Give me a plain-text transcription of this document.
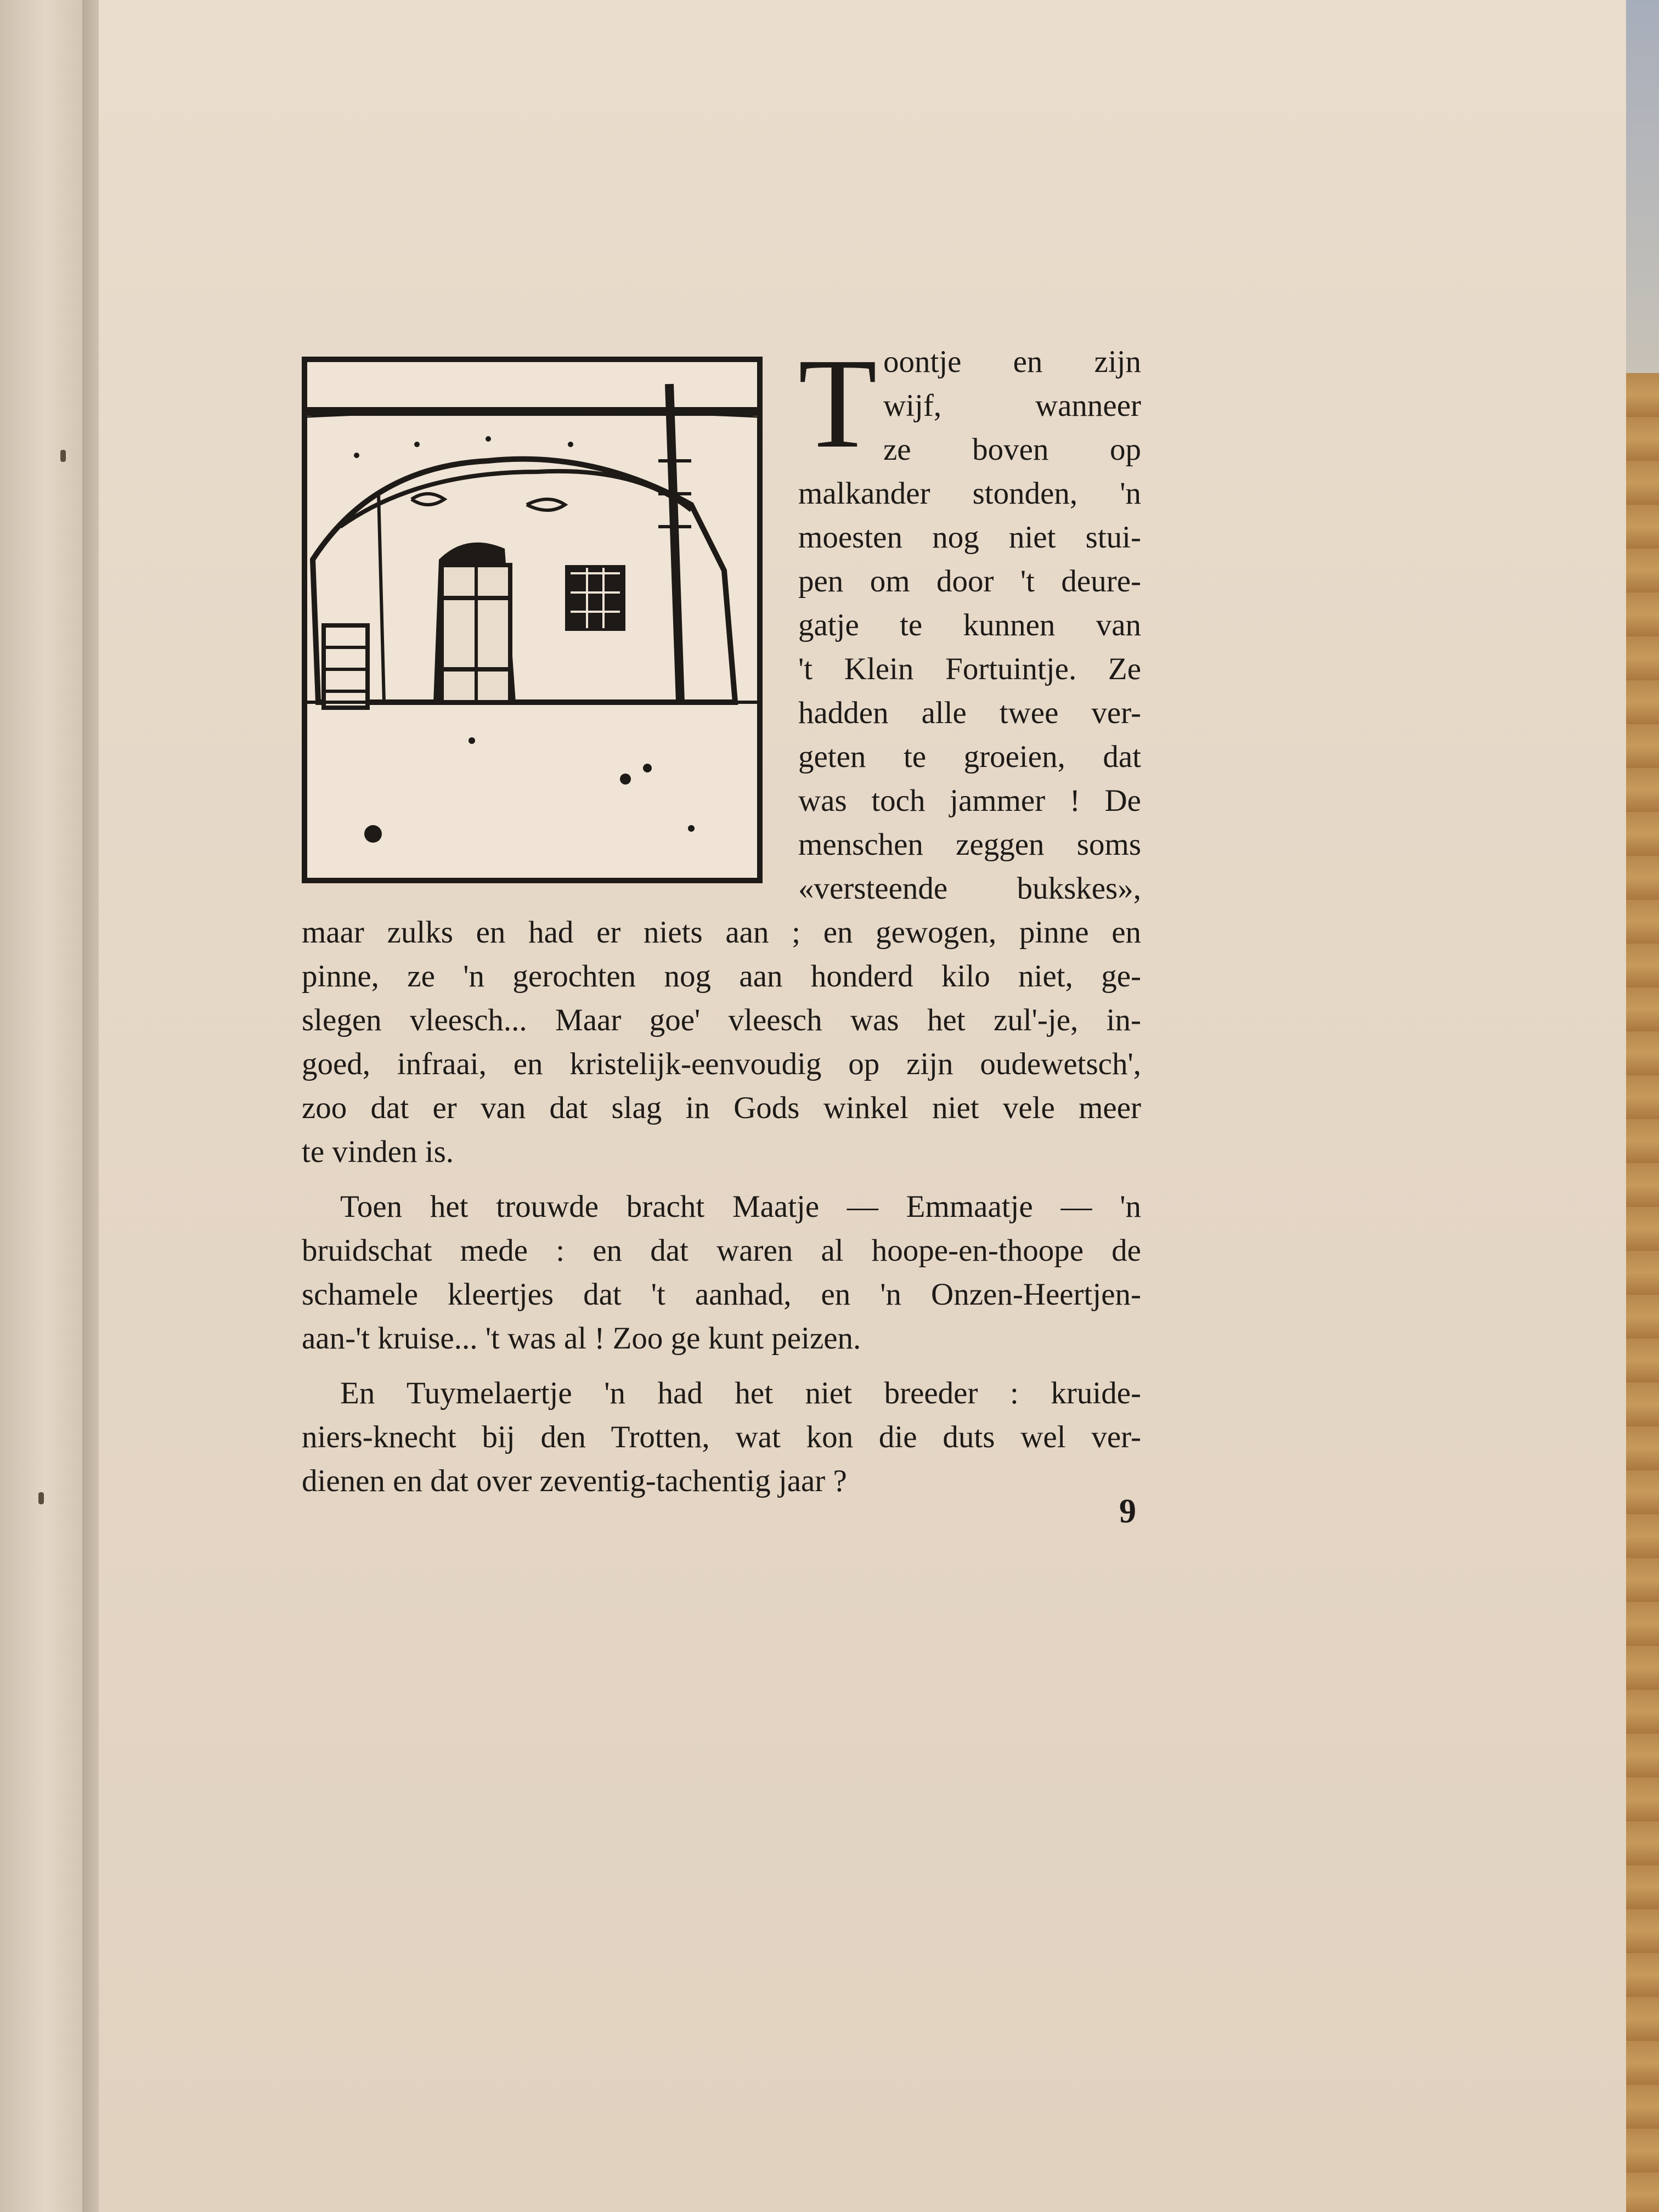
T oontje en zijn
wijf, wanneer
ze boven op
malkander stonden, 'n
moesten nog niet stui-
pen om door 't deure-
gatje te kunnen van
't Klein Fortuintje. Ze
hadden alle twee ver-
geten te groeien, dat
was toch jammer ! De
menschen zeggen soms
«versteende bukskes»,
maar zulks en had er niets aan ; en gewogen, pinne en
pinne, ze 'n gerochten nog aan honderd kilo niet, ge-
slegen vleesch... Maar goe' vleesch was het zul'-je, in-
goed, infraai, en kristelijk-eenvoudig op zijn oudewetsch',
zoo dat er van dat slag in Gods winkel niet vele meer
te vinden is.
Toen het trouwde bracht Maatje — Emmaatje — 'n
bruidschat mede : en dat waren al hoope-en-thoope de
schamele kleertjes dat 't aanhad, en 'n Onzen-Heertjen-
aan-'t kruise... 't was al ! Zoo ge kunt peizen.
En Tuymelaertje 'n had het niet breeder : kruide-
niers-knecht bij den Trotten, wat kon die duts wel ver-
dienen en dat over zeventig-tachentig jaar ?
9
